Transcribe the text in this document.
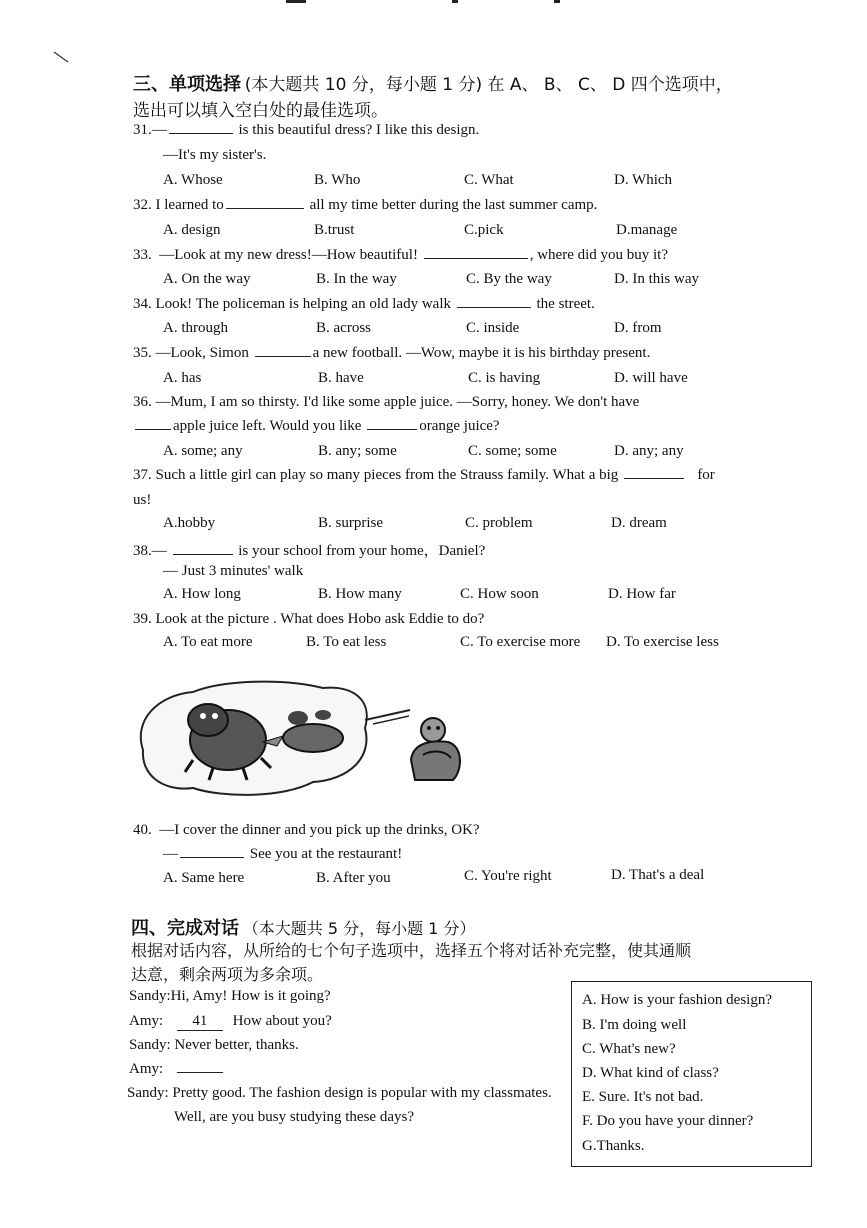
三、单项选择 (本大题共 10 分，每小题 1 分) 在 A、 B、 C、 D 四个选项中，
选出可以填入空白处的最佳选项。
31.—	is this beautiful dress? I like this design.
—It's my sister's.
A. Whose	B. Who	C. What	D. Which
32. I learned to	all my time better during the last summer camp.
A. design	B.trust	C.pick	D.manage
33. —Look at my new dress!—How beautiful!	, where did you buy it?
A. On the way	B. In the way	C. By the way	D. In this way
34. Look! The policeman is helping an old lady walk	the street.
A. through	B. across	C. inside	D. from
35. —Look, Simon	a new football. —Wow, maybe it is his birthday present.
A. has	B. have	C. is having	D. will have
36. —Mum, I am so thirsty. I'd like some apple juice. —Sorry, honey. We don't have
apple juice left. Would you like	orange juice?
A. some; any	B. any; some	C. some; some	D. any; any
37. Such a little girl can play so many pieces from the Strauss family. What a big	for
us!
A.hobby	B. surprise	C. problem	D. dream
38.—	is your school from your home，Daniel?
— Just 3 minutes' walk
A. How long	B. How many	C. How soon	D. How far
39. Look at the picture . What does Hobo ask Eddie to do?
A. To eat more	B. To eat less	C. To exercise more D. To exercise less
40. —I cover the dinner and you pick up the drinks, OK?
—	See you at the restaurant!
A. Same here	B. After you	C. You're right	D. That's a deal
四、完成对话 （本大题共 5 分，每小题 1 分）
根据对话内容，从所给的七个句子选项中，选择五个将对话补充完整，使其通顺
达意，剩余两项为多余项。
Sandy:Hi, Amy! How is it going?
Amy: 41 How about you?
Sandy: Never better, thanks.
Amy:
Sandy: Pretty good. The fashion design is popular with my classmates.
Well, are you busy studying these days?
A. How is your fashion design?
B. I'm doing well
C. What's new?
D. What kind of class?
E. Sure. It's not bad.
F. Do you have your dinner?
G.Thanks.
